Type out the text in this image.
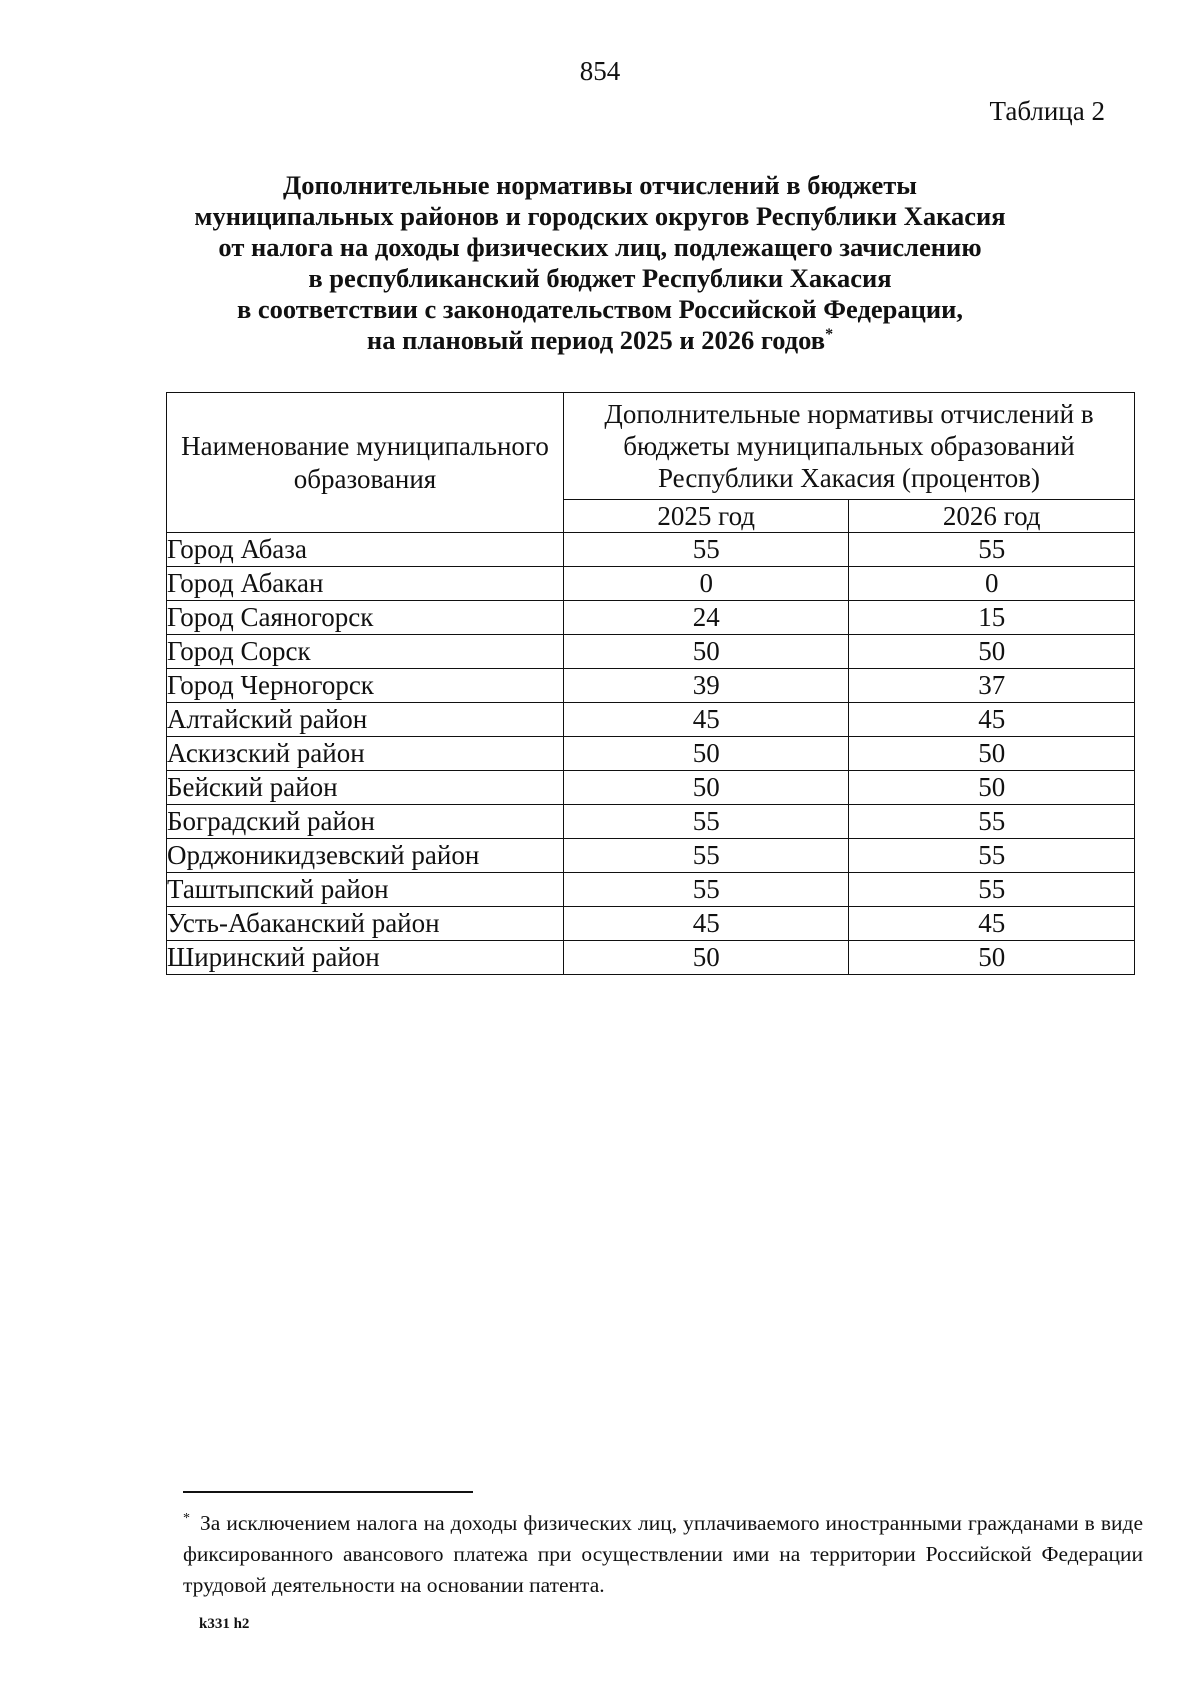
854
Таблица 2
Дополнительные нормативы отчислений в бюджеты
муниципальных районов и городских округов Республики Хакасия
от налога на доходы физических лиц, подлежащего зачислению
в республиканский бюджет Республики Хакасия
в соответствии с законодательством Российской Федерации,
на плановый период 2025 и 2026 годов*
Наименование муниципального образования	Дополнительные нормативы отчислений в бюджеты муниципальных образований Республики Хакасия (процентов)	
	2025 год	2026 год
Город Абаза	55	55
Город Абакан	0	0
Город Саяногорск	24	15
Город Сорск	50	50
Город Черногорск	39	37
Алтайский район	45	45
Аскизский район	50	50
Бейский район	50	50
Боградский район	55	55
Орджоникидзевский район	55	55
Таштыпский район	55	55
Усть-Абаканский район	45	45
Ширинский район	50	50

* За исключением налога на доходы физических лиц, уплачиваемого иностранными гражданами в виде фиксированного авансового платежа при осуществлении ими на территории Российской Федерации трудовой деятельности на основании патента.

k331 h2
